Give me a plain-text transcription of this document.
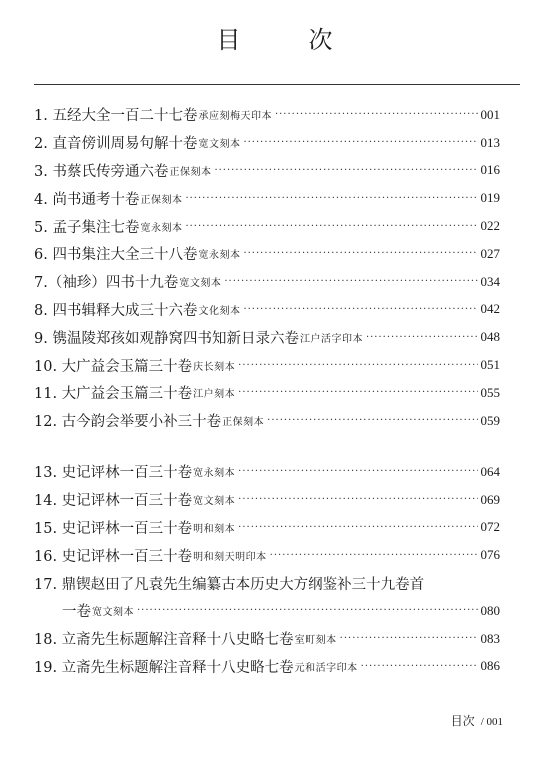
目　次
1. 五经大全一百二十七卷 承应刻梅天印本 ·····	001
2. 直音傍训周易句解十卷 宽文刻本 ·····	013
3. 书蔡氏传旁通六卷 正保刻本 ·····	016
4. 尚书通考十卷 正保刻本 ·····	019
5. 孟子集注七卷 宽永刻本 ·····	022
6. 四书集注大全三十八卷 宽永刻本 ·····	027
7.（袖珍）四书十九卷 宽文刻本 ·····	034
8. 四书辑释大成三十六卷 文化刻本 ·····	042
9. 镌温陵郑孩如观静窝四书知新日录六卷 江户活字印本 ·····	048
10. 大广益会玉篇三十卷 庆长刻本 ·····	051
11. 大广益会玉篇三十卷 江户刻本 ·····	055
12. 古今韵会举要小补三十卷 正保刻本 ·····	059
13. 史记评林一百三十卷 宽永刻本 ·····	064
14. 史记评林一百三十卷 宽文刻本 ·····	069
15. 史记评林一百三十卷 明和刻本 ·····	072
16. 史记评林一百三十卷 明和刻天明印本 ·····	076
17. 鼎锲赵田了凡袁先生编纂古本历史大方纲鉴补三十九卷首
一卷 宽文刻本 ·····	080
18. 立斋先生标题解注音释十八史略七卷 室町刻本 ·····	083
19. 立斋先生标题解注音释十八史略七卷 元和活字印本 ·····	086
目次 / 001
